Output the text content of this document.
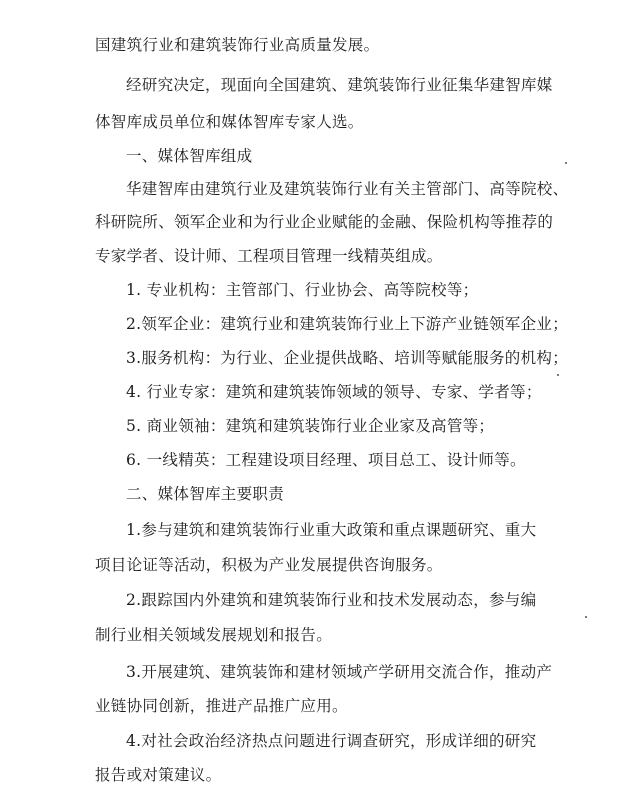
国建筑行业和建筑装饰行业高质量发展。
经研究决定，现面向全国建筑、建筑装饰行业征集华建智库媒
体智库成员单位和媒体智库专家人选。
一、媒体智库组成
华建智库由建筑行业及建筑装饰行业有关主管部门、高等院校、
科研院所、领军企业和为行业企业赋能的金融、保险机构等推荐的
专家学者、设计师、工程项目管理一线精英组成。
1. 专业机构：主管部门、行业协会、高等院校等；
2.领军企业：建筑行业和建筑装饰行业上下游产业链领军企业；
3.服务机构：为行业、企业提供战略、培训等赋能服务的机构；
4. 行业专家：建筑和建筑装饰领域的领导、专家、学者等；
5. 商业领袖：建筑和建筑装饰行业企业家及高管等；
6. 一线精英：工程建设项目经理、项目总工、设计师等。
二、媒体智库主要职责
1.参与建筑和建筑装饰行业重大政策和重点课题研究、重大
项目论证等活动，积极为产业发展提供咨询服务。
2.跟踪国内外建筑和建筑装饰行业和技术发展动态，参与编
制行业相关领域发展规划和报告。
3.开展建筑、建筑装饰和建材领域产学研用交流合作，推动产
业链协同创新，推进产品推广应用。
4.对社会政治经济热点问题进行调查研究，形成详细的研究
报告或对策建议。
